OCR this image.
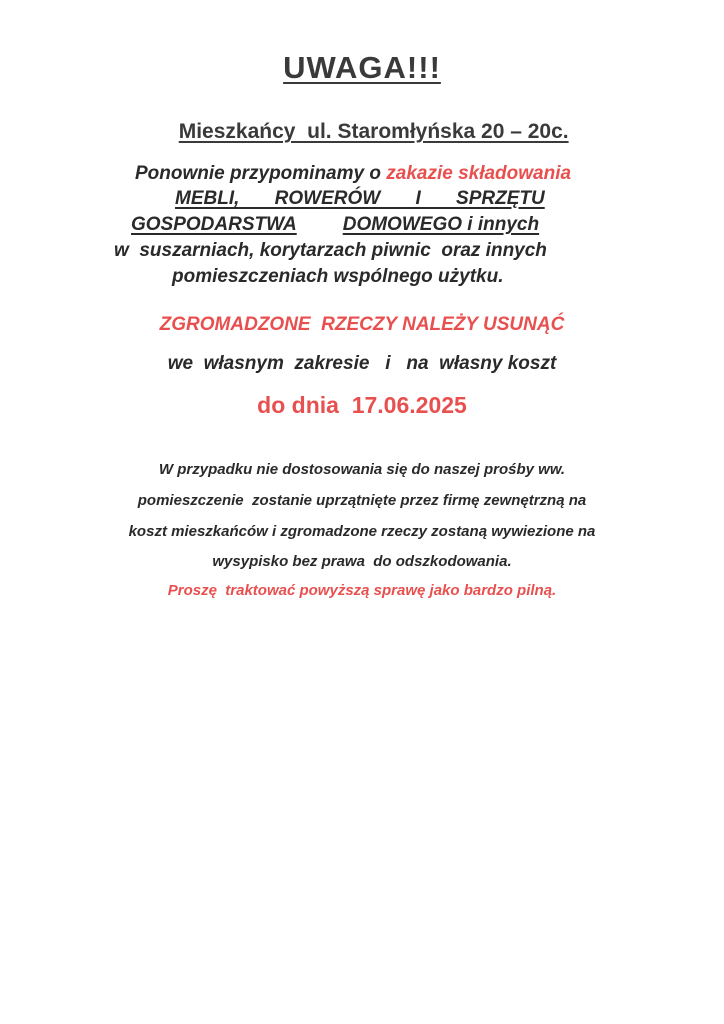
UWAGA!!!

Mieszkańcy  ul. Staromłyńska 20 – 20c.

Ponownie przypominamy o zakazie składowania
MEBLI, ROWERÓW I SPRZĘTU
GOSPODARSTWA DOMOWEGO i innych
w  suszarniach, korytarzach piwnic  oraz innych
pomieszczeniach wspólnego użytku.
ZGROMADZONE  RZECZY NALEŻY USUNĄĆ
we  własnym  zakresie   i   na  własny koszt
do dnia  17.06.2025
W przypadku nie dostosowania się do naszej prośby ww.
pomieszczenie  zostanie uprzątnięte przez firmę zewnętrzną na
koszt mieszkańców i zgromadzone rzeczy zostaną wywiezione na
wysypisko bez prawa  do odszkodowania.
Proszę  traktować powyższą sprawę jako bardzo pilną.
